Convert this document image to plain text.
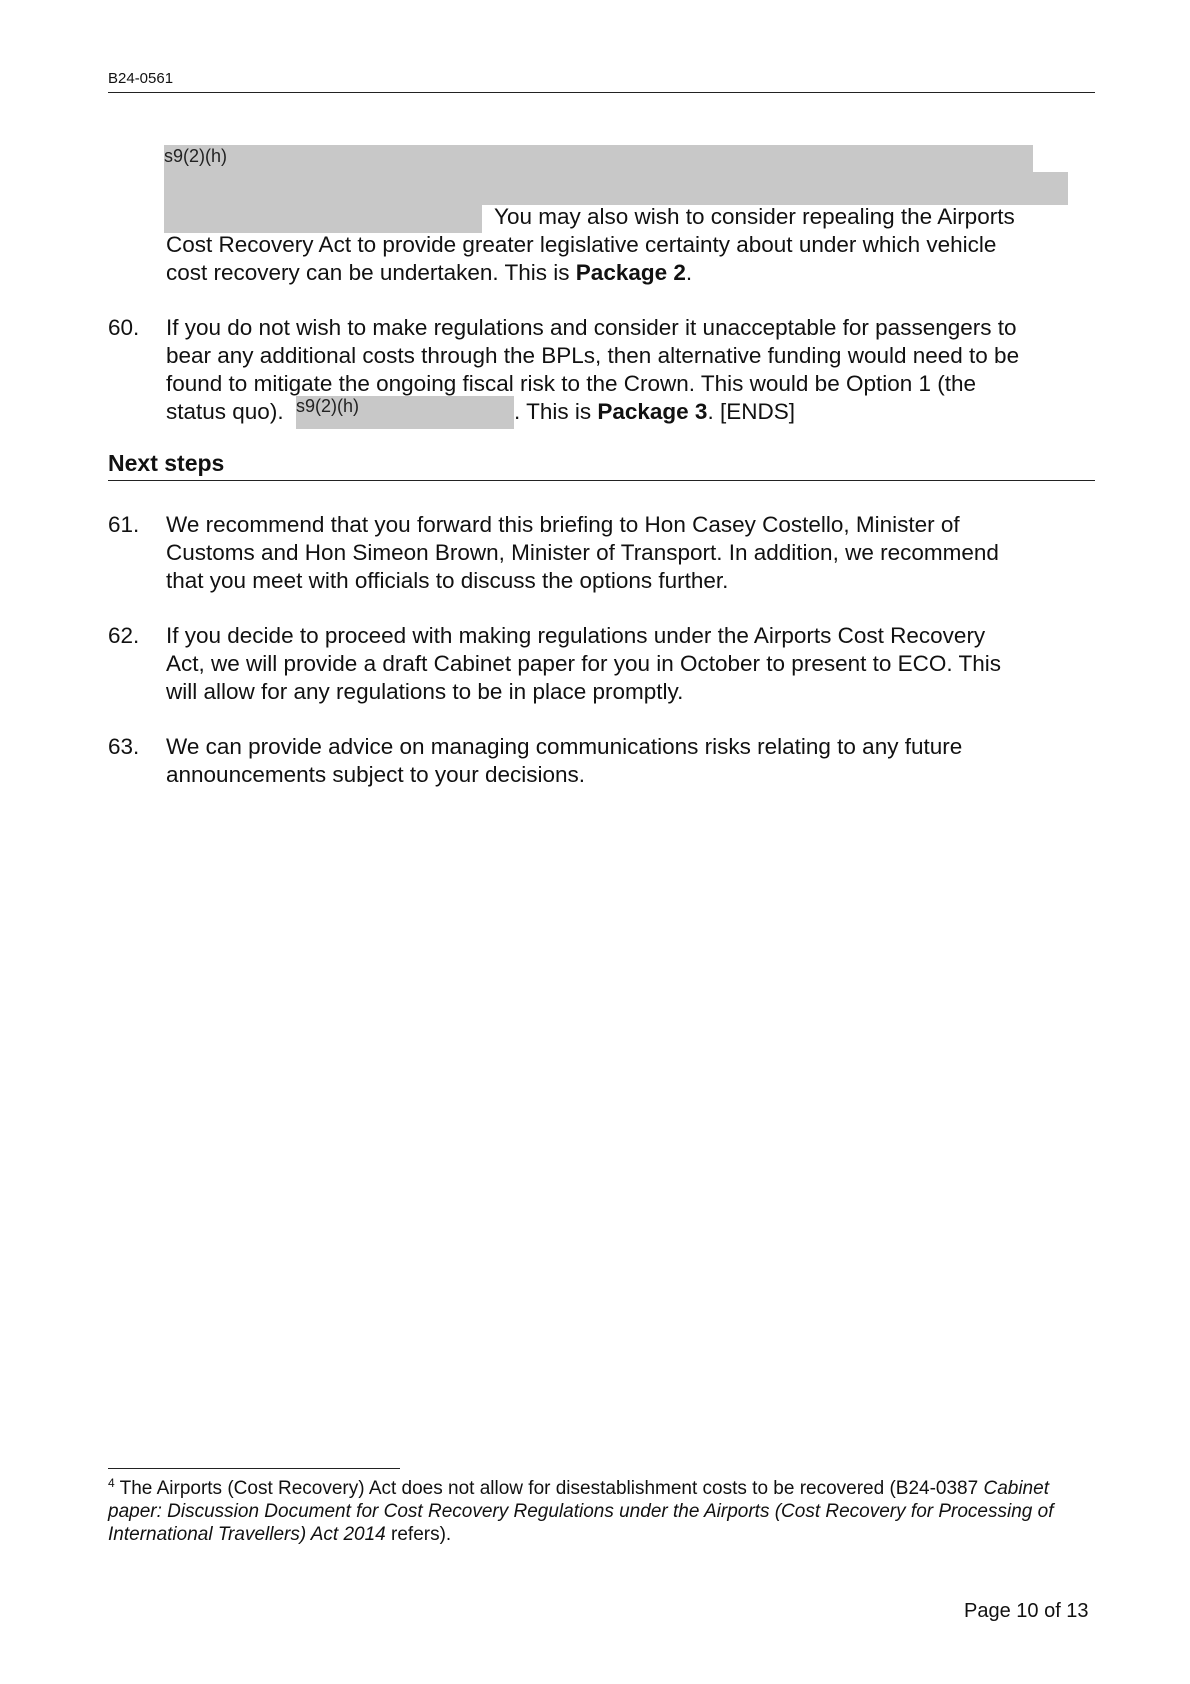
B24-0561
s9(2)(h)
You may also wish to consider repealing the Airports
Cost Recovery Act to provide greater legislative certainty about under which vehicle
cost recovery can be undertaken. This is Package 2.
60. If you do not wish to make regulations and consider it unacceptable for passengers to
bear any additional costs through the BPLs, then alternative funding would need to be
found to mitigate the ongoing fiscal risk to the Crown. This would be Option 1 (the
s9(2)(h)
status quo).	. This is Package 3. [ENDS]
Next steps
61. We recommend that you forward this briefing to Hon Casey Costello, Minister of
Customs and Hon Simeon Brown, Minister of Transport. In addition, we recommend
that you meet with officials to discuss the options further.
62. If you decide to proceed with making regulations under the Airports Cost Recovery
Act, we will provide a draft Cabinet paper for you in October to present to ECO. This
will allow for any regulations to be in place promptly.
63. We can provide advice on managing communications risks relating to any future
announcements subject to your decisions.
$^4$ The Airports (Cost Recovery) Act does not allow for disestablishment costs to be recovered (B24-0387 Cabinet paper: Discussion Document for Cost Recovery Regulations under the Airports (Cost Recovery for Processing of International Travellers) Act 2014 refers).
Page 10 of 13
